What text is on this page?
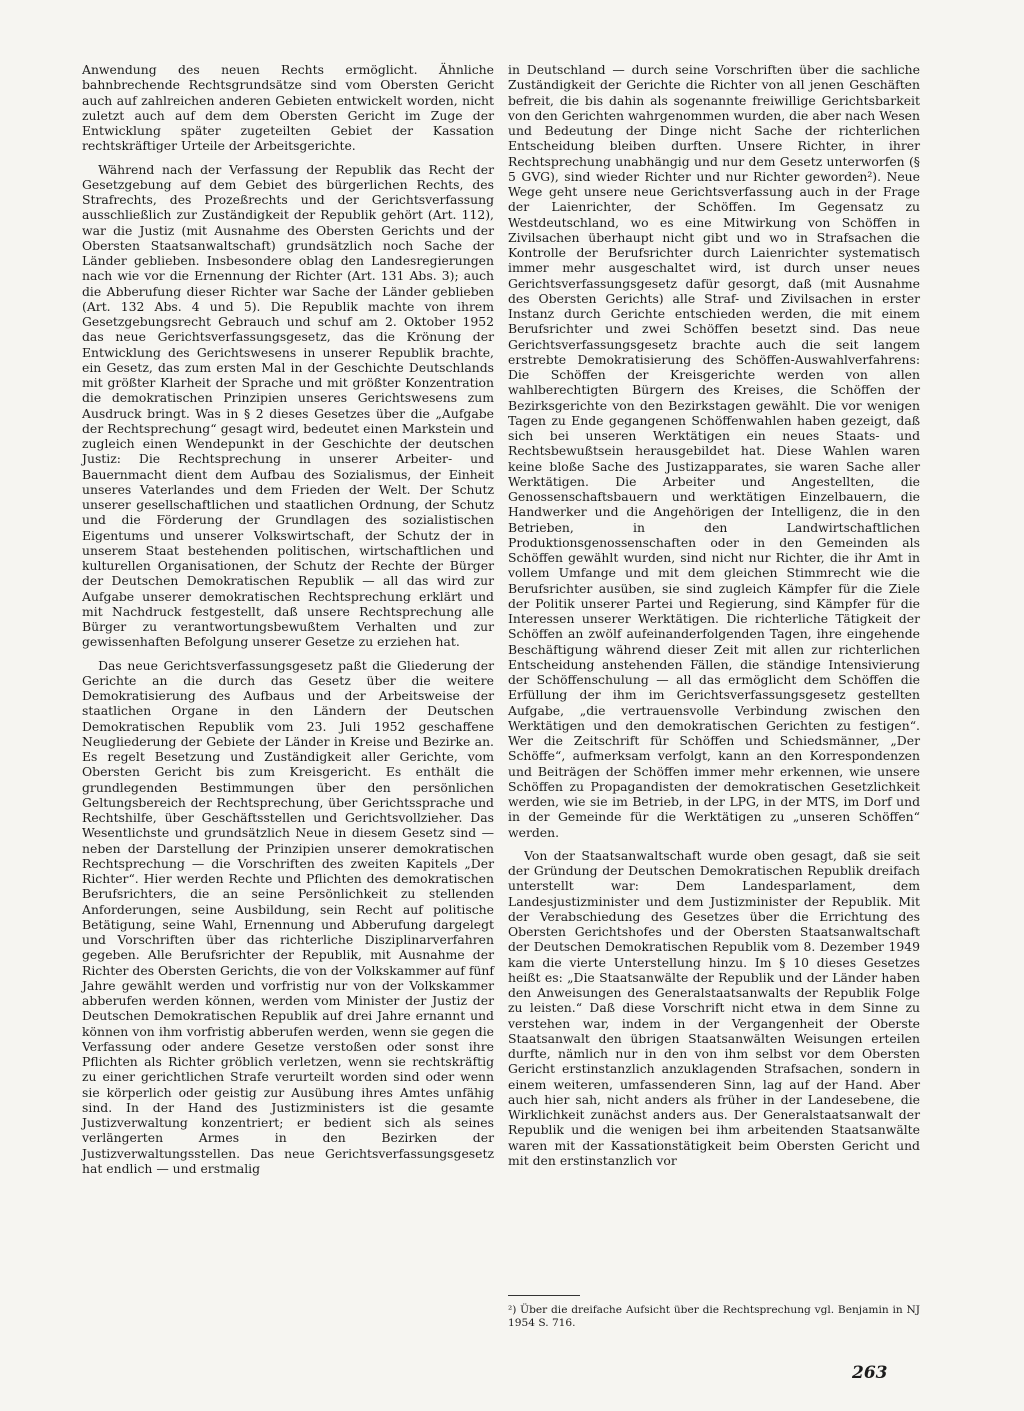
Anwendung des neuen Rechts ermöglicht. Ähnliche bahnbrechende Rechtsgrundsätze sind vom Obersten Gericht auch auf zahlreichen anderen Gebieten entwickelt worden, nicht zuletzt auch auf dem dem Obersten Gericht im Zuge der Entwicklung später zugeteilten Gebiet der Kassation rechtskräftiger Urteile der Arbeitsgerichte.

Während nach der Verfassung der Republik das Recht der Gesetzgebung auf dem Gebiet des bürgerlichen Rechts, des Strafrechts, des Prozeßrechts und der Gerichtsverfassung ausschließlich zur Zuständigkeit der Republik gehört (Art. 112), war die Justiz (mit Ausnahme des Obersten Gerichts und der Obersten Staatsanwaltschaft) grundsätzlich noch Sache der Länder geblieben. Insbesondere oblag den Landesregierungen nach wie vor die Ernennung der Richter (Art. 131 Abs. 3); auch die Abberufung dieser Richter war Sache der Länder geblieben (Art. 132 Abs. 4 und 5). Die Republik machte von ihrem Gesetzgebungsrecht Gebrauch und schuf am 2. Oktober 1952 das neue Gerichtsverfassungsgesetz, das die Krönung der Entwicklung des Gerichtswesens in unserer Republik brachte, ein Gesetz, das zum ersten Mal in der Geschichte Deutschlands mit größter Klarheit der Sprache und mit größter Konzentration die demokratischen Prinzipien unseres Gerichtswesens zum Ausdruck bringt. Was in § 2 dieses Gesetzes über die „Aufgabe der Rechtsprechung“ gesagt wird, bedeutet einen Markstein und zugleich einen Wendepunkt in der Geschichte der deutschen Justiz: Die Rechtsprechung in unserer Arbeiter- und Bauernmacht dient dem Aufbau des Sozialismus, der Einheit unseres Vaterlandes und dem Frieden der Welt. Der Schutz unserer gesellschaftlichen und staatlichen Ordnung, der Schutz und die Förderung der Grundlagen des sozialistischen Eigentums und unserer Volkswirtschaft, der Schutz der in unserem Staat bestehenden politischen, wirtschaftlichen und kulturellen Organisationen, der Schutz der Rechte der Bürger der Deutschen Demokratischen Republik — all das wird zur Aufgabe unserer demokratischen Rechtsprechung erklärt und mit Nachdruck festgestellt, daß unsere Rechtsprechung alle Bürger zu verantwortungsbewußtem Verhalten und zur gewissenhaften Befolgung unserer Gesetze zu erziehen hat.

Das neue Gerichtsverfassungsgesetz paßt die Gliederung der Gerichte an die durch das Gesetz über die weitere Demokratisierung des Aufbaus und der Arbeitsweise der staatlichen Organe in den Ländern der Deutschen Demokratischen Republik vom 23. Juli 1952 geschaffene Neugliederung der Gebiete der Länder in Kreise und Bezirke an. Es regelt Besetzung und Zuständigkeit aller Gerichte, vom Obersten Gericht bis zum Kreisgericht. Es enthält die grundlegenden Bestimmungen über den persönlichen Geltungsbereich der Rechtsprechung, über Gerichtssprache und Rechtshilfe, über Geschäftsstellen und Gerichtsvollzieher. Das Wesentlichste und grundsätzlich Neue in diesem Gesetz sind — neben der Darstellung der Prinzipien unserer demokratischen Rechtsprechung — die Vorschriften des zweiten Kapitels „Der Richter“. Hier werden Rechte und Pflichten des demokratischen Berufsrichters, die an seine Persönlichkeit zu stellenden Anforderungen, seine Ausbildung, sein Recht auf politische Betätigung, seine Wahl, Ernennung und Abberufung dargelegt und Vorschriften über das richterliche Disziplinarverfahren gegeben. Alle Berufsrichter der Republik, mit Ausnahme der Richter des Obersten Gerichts, die von der Volkskammer auf fünf Jahre gewählt werden und vorfristig nur von der Volkskammer abberufen werden können, werden vom Minister der Justiz der Deutschen Demokratischen Republik auf drei Jahre ernannt und können von ihm vorfristig abberufen werden, wenn sie gegen die Verfassung oder andere Gesetze verstoßen oder sonst ihre Pflichten als Richter gröblich verletzen, wenn sie rechtskräftig zu einer gerichtlichen Strafe verurteilt worden sind oder wenn sie körperlich oder geistig zur Ausübung ihres Amtes unfähig sind. In der Hand des Justizministers ist die gesamte Justizverwaltung konzentriert; er bedient sich als seines verlängerten Armes in den Bezirken der Justizverwaltungsstellen. Das neue Gerichtsverfassungsgesetz hat endlich — und erstmalig

in Deutschland — durch seine Vorschriften über die sachliche Zuständigkeit der Gerichte die Richter von all jenen Geschäften befreit, die bis dahin als sogenannte freiwillige Gerichtsbarkeit von den Gerichten wahrgenommen wurden, die aber nach Wesen und Bedeutung der Dinge nicht Sache der richterlichen Entscheidung bleiben durften. Unsere Richter, in ihrer Rechtsprechung unabhängig und nur dem Gesetz unterworfen (§ 5 GVG), sind wieder Richter und nur Richter geworden²). Neue Wege geht unsere neue Gerichtsverfassung auch in der Frage der Laienrichter, der Schöffen. Im Gegensatz zu Westdeutschland, wo es eine Mitwirkung von Schöffen in Zivilsachen überhaupt nicht gibt und wo in Strafsachen die Kontrolle der Berufsrichter durch Laienrichter systematisch immer mehr ausgeschaltet wird, ist durch unser neues Gerichtsverfassungsgesetz dafür gesorgt, daß (mit Ausnahme des Obersten Gerichts) alle Straf- und Zivilsachen in erster Instanz durch Gerichte entschieden werden, die mit einem Berufsrichter und zwei Schöffen besetzt sind. Das neue Gerichtsverfassungsgesetz brachte auch die seit langem erstrebte Demokratisierung des Schöffen-Auswahlverfahrens: Die Schöffen der Kreisgerichte werden von allen wahlberechtigten Bürgern des Kreises, die Schöffen der Bezirksgerichte von den Bezirkstagen gewählt. Die vor wenigen Tagen zu Ende gegangenen Schöffenwahlen haben gezeigt, daß sich bei unseren Werktätigen ein neues Staats- und Rechtsbewußtsein herausgebildet hat. Diese Wahlen waren keine bloße Sache des Justizapparates, sie waren Sache aller Werktätigen. Die Arbeiter und Angestellten, die Genossenschaftsbauern und werktätigen Einzelbauern, die Handwerker und die Angehörigen der Intelligenz, die in den Betrieben, in den Landwirtschaftlichen Produktionsgenossenschaften oder in den Gemeinden als Schöffen gewählt wurden, sind nicht nur Richter, die ihr Amt in vollem Umfange und mit dem gleichen Stimmrecht wie die Berufsrichter ausüben, sie sind zugleich Kämpfer für die Ziele der Politik unserer Partei und Regierung, sind Kämpfer für die Interessen unserer Werktätigen. Die richterliche Tätigkeit der Schöffen an zwölf aufeinanderfolgenden Tagen, ihre eingehende Beschäftigung während dieser Zeit mit allen zur richterlichen Entscheidung anstehenden Fällen, die ständige Intensivierung der Schöffenschulung — all das ermöglicht dem Schöffen die Erfüllung der ihm im Gerichtsverfassungsgesetz gestellten Aufgabe, „die vertrauensvolle Verbindung zwischen den Werktätigen und den demokratischen Gerichten zu festigen“. Wer die Zeitschrift für Schöffen und Schiedsmänner, „Der Schöffe“, aufmerksam verfolgt, kann an den Korrespondenzen und Beiträgen der Schöffen immer mehr erkennen, wie unsere Schöffen zu Propagandisten der demokratischen Gesetzlichkeit werden, wie sie im Betrieb, in der LPG, in der MTS, im Dorf und in der Gemeinde für die Werktätigen zu „unseren Schöffen“ werden.

Von der Staatsanwaltschaft wurde oben gesagt, daß sie seit der Gründung der Deutschen Demokratischen Republik dreifach unterstellt war: Dem Landesparlament, dem Landesjustizminister und dem Justizminister der Republik. Mit der Verabschiedung des Gesetzes über die Errichtung des Obersten Gerichtshofes und der Obersten Staatsanwaltschaft der Deutschen Demokratischen Republik vom 8. Dezember 1949 kam die vierte Unterstellung hinzu. Im § 10 dieses Gesetzes heißt es: „Die Staatsanwälte der Republik und der Länder haben den Anweisungen des Generalstaatsanwalts der Republik Folge zu leisten.“ Daß diese Vorschrift nicht etwa in dem Sinne zu verstehen war, indem in der Vergangenheit der Oberste Staatsanwalt den übrigen Staatsanwälten Weisungen erteilen durfte, nämlich nur in den von ihm selbst vor dem Obersten Gericht erstinstanzlich anzuklagenden Strafsachen, sondern in einem weiteren, umfassenderen Sinn, lag auf der Hand. Aber auch hier sah, nicht anders als früher in der Landesebene, die Wirklichkeit zunächst anders aus. Der Generalstaatsanwalt der Republik und die wenigen bei ihm arbeitenden Staatsanwälte waren mit der Kassationstätigkeit beim Obersten Gericht und mit den erstinstanzlich vor

²) Über die dreifache Aufsicht über die Rechtsprechung vgl. Benjamin in NJ 1954 S. 716.
263
